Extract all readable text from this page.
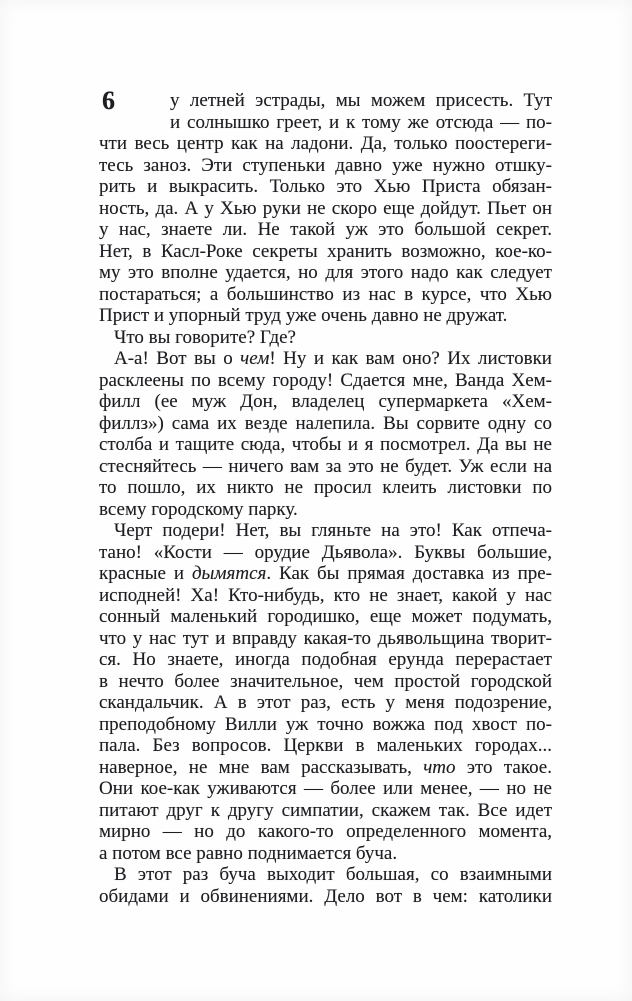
6	у летней эстрады, мы можем присесть. Тут
и солнышко греет, и к тому же отсюда — по-
чти весь центр как на ладони. Да, только поостереги-
тесь заноз. Эти ступеньки давно уже нужно отшку-
рить и выкрасить. Только это Хью Приста обязан-
ность, да. А у Хью руки не скоро еще дойдут. Пьет он
у нас, знаете ли. Не такой уж это большой секрет.
Нет, в Касл-Роке секреты хранить возможно, кое-ко-
му это вполне удается, но для этого надо как следует
постараться; а большинство из нас в курсе, что Хью
Прист и упорный труд уже очень давно не дружат.
Что вы говорите? Где?
А-а! Вот вы о чем! Ну и как вам оно? Их листовки
расклеены по всему городу! Сдается мне, Ванда Хем-
филл (ее муж Дон, владелец супермаркета «Хем-
филлз») сама их везде налепила. Вы сорвите одну со
столба и тащите сюда, чтобы и я посмотрел. Да вы не
стесняйтесь — ничего вам за это не будет. Уж если на
то пошло, их никто не просил клеить листовки по
всему городскому парку.
Черт подери! Нет, вы гляньте на это! Как отпеча-
тано! «Кости — орудие Дьявола». Буквы большие,
красные и дымятся. Как бы прямая доставка из пре-
исподней! Ха! Кто-нибудь, кто не знает, какой у нас
сонный маленький городишко, еще может подумать,
что у нас тут и вправду какая-то дьявольщина творит-
ся. Но знаете, иногда подобная ерунда перерастает
в нечто более значительное, чем простой городской
скандальчик. А в этот раз, есть у меня подозрение,
преподобному Вилли уж точно вожжа под хвост по-
пала. Без вопросов. Церкви в маленьких городах...
наверное, не мне вам рассказывать, что это такое.
Они кое-как уживаются — более или менее, — но не
питают друг к другу симпатии, скажем так. Все идет
мирно — но до какого-то определенного момента,
а потом все равно поднимается буча.
В этот раз буча выходит большая, со взаимными
обидами и обвинениями. Дело вот в чем: католики
